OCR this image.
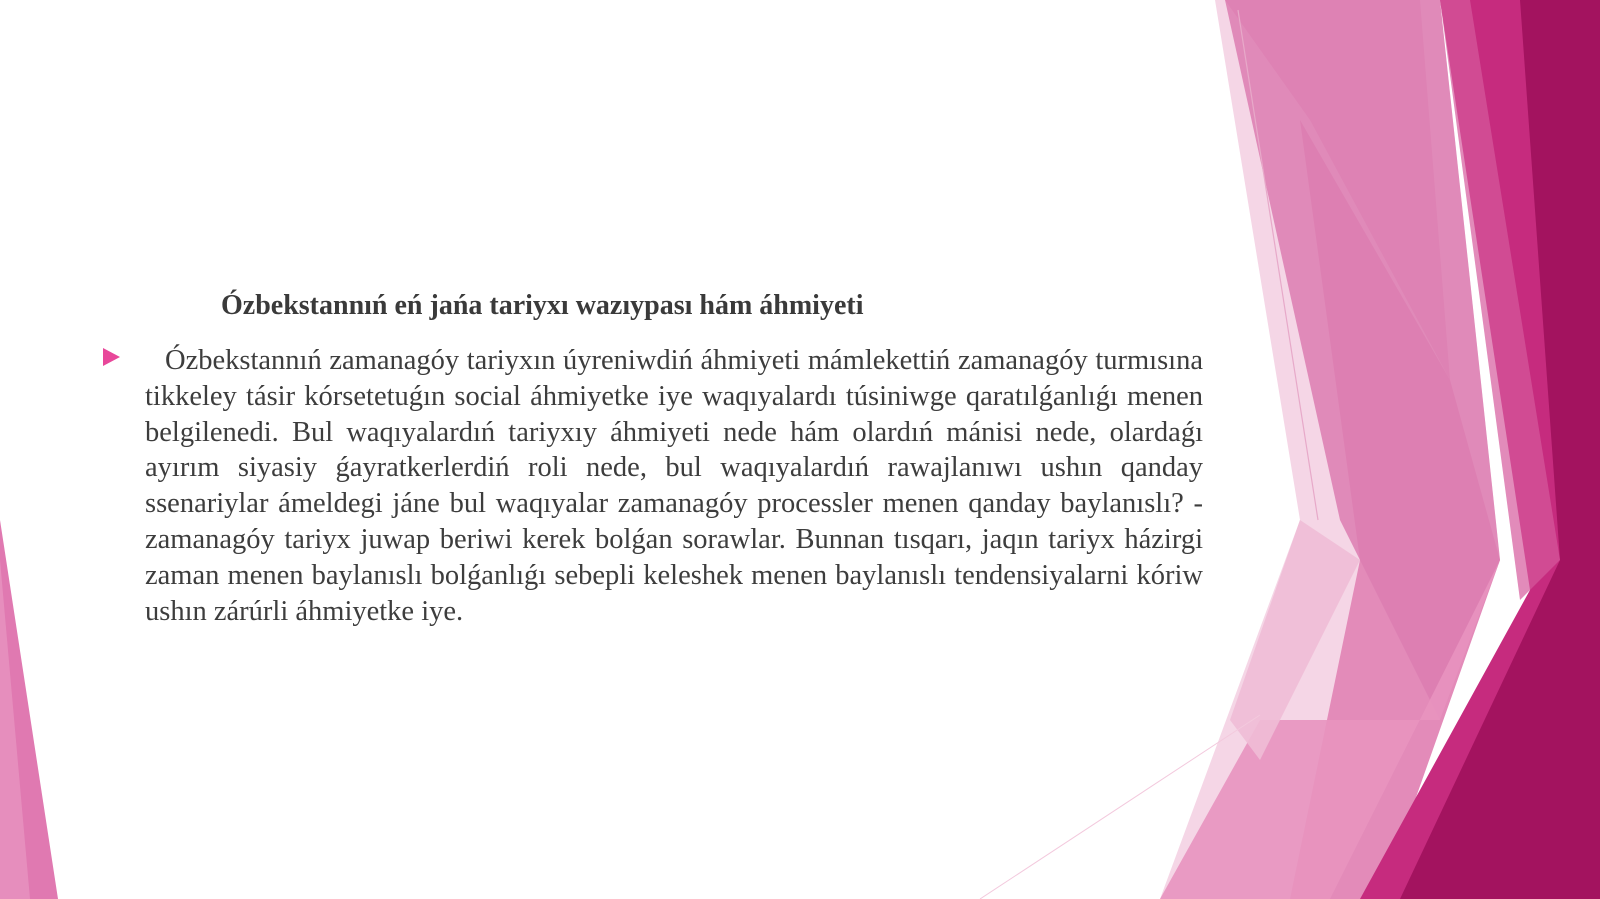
Ózbekstannıń eń jańa tariyxı wazıypası hám áhmiyeti

Ózbekstannıń zamanagóy tariyxın úyreniwdiń áhmiyeti mámlekettiń zamanagóy turmısına tikkeley tásir kórsetetuǵın social áhmiyetke iye waqıyalardı túsiniwge qaratılǵanlıǵı menen belgilenedi. Bul waqıyalardıń tariyxıy áhmiyeti nede hám olardıń mánisi nede, olardaǵı ayırım siyasiy ǵayratkerlerdiń roli nede, bul waqıyalardıń rawajlanıwı ushın qanday ssenariylar ámeldegi jáne bul waqıyalar zamanagóy processler menen qanday baylanıslı? - zamanagóy tariyx juwap beriwi kerek bolǵan sorawlar. Bunnan tısqarı, jaqın tariyx házirgi zaman menen baylanıslı bolǵanlıǵı sebepli keleshek menen baylanıslı tendensiyalarni kóriw ushın zárúrli áhmiyetke iye.
